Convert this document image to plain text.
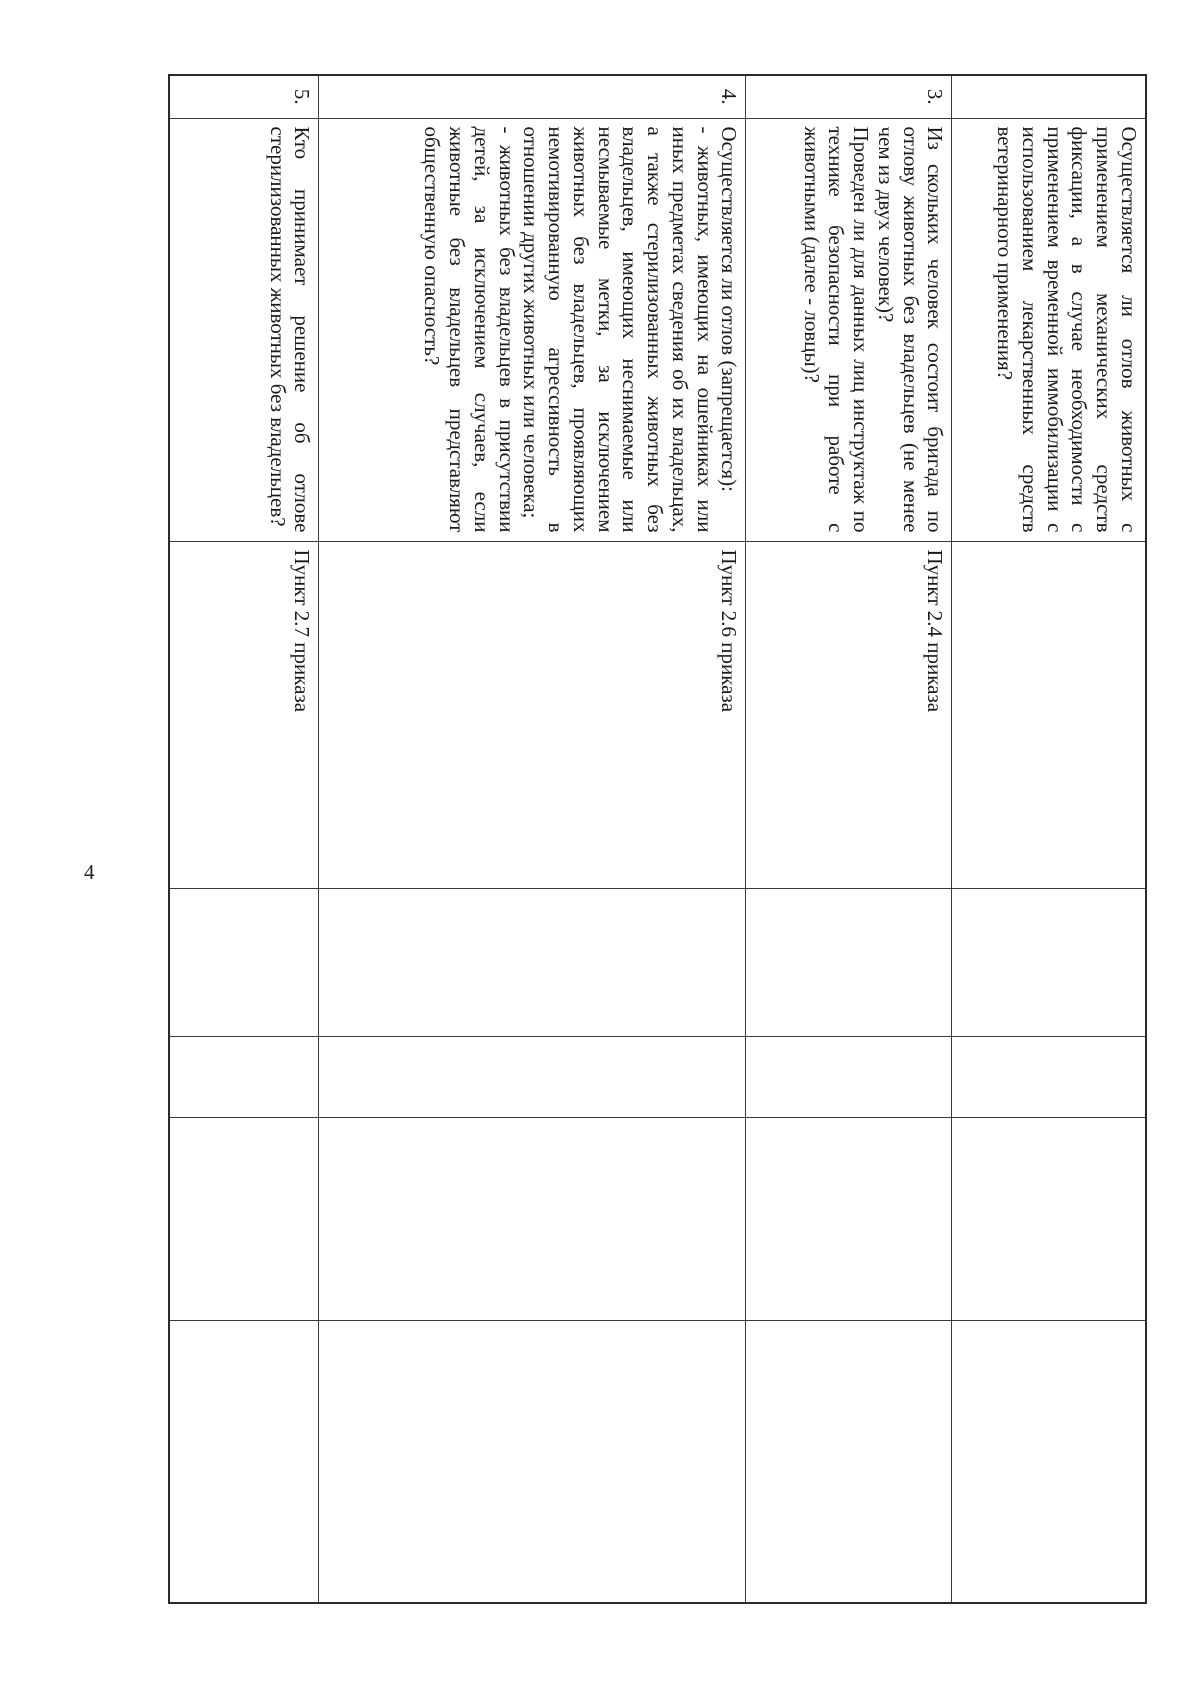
4
	Осуществляется ли отлов животных с применением механических средств фиксации, а в случае необходимости с применением временной иммобилизации с использованием лекарственных средств ветеринарного применения?					
3.	Из скольких человек состоит бригада по отлову животных без владельцев (не менее чем из двух человек)?
Проведен ли для данных лиц инструктаж по технике безопасности при работе с животными (далее - ловцы)?	Пункт 2.4 приказа				
4.	Осуществляется ли отлов (запрещается):
- животных, имеющих на ошейниках или иных предметах сведения об их владельцах, а также стерилизованных животных без владельцев, имеющих неснимаемые или несмываемые метки, за исключением животных без владельцев, проявляющих немотивированную агрессивность в отношении других животных или человека;
- животных без владельцев в присутствии детей, за исключением случаев, если животные без владельцев представляют общественную опасность?	Пункт 2.6 приказа				
5.	Кто принимает решение об отлове стерилизованных животных без владельцев?	Пункт 2.7 приказа				
